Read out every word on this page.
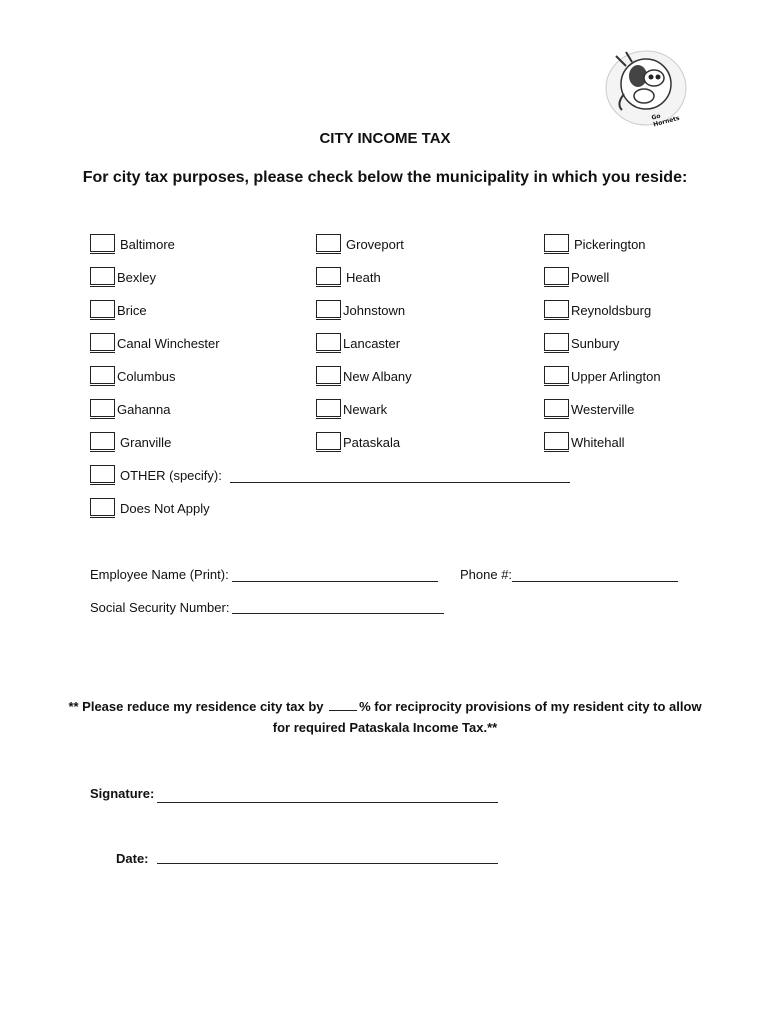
Go Hornets
CITY INCOME TAX
For city tax purposes, please check below the municipality in which you reside:
Baltimore
Bexley
Brice
Canal Winchester
Columbus
Gahanna
Granville
Groveport
Heath
Johnstown
Lancaster
New Albany
Newark
Pataskala
Pickerington
Powell
Reynoldsburg
Sunbury
Upper Arlington
Westerville
Whitehall
OTHER (specify):
Does Not Apply
Employee Name (Print):	Phone #:
Social Security Number:
** Please reduce my residence city tax by % for reciprocity provisions of my resident city to allow
for required Pataskala Income Tax.**
Signature:
Date:
